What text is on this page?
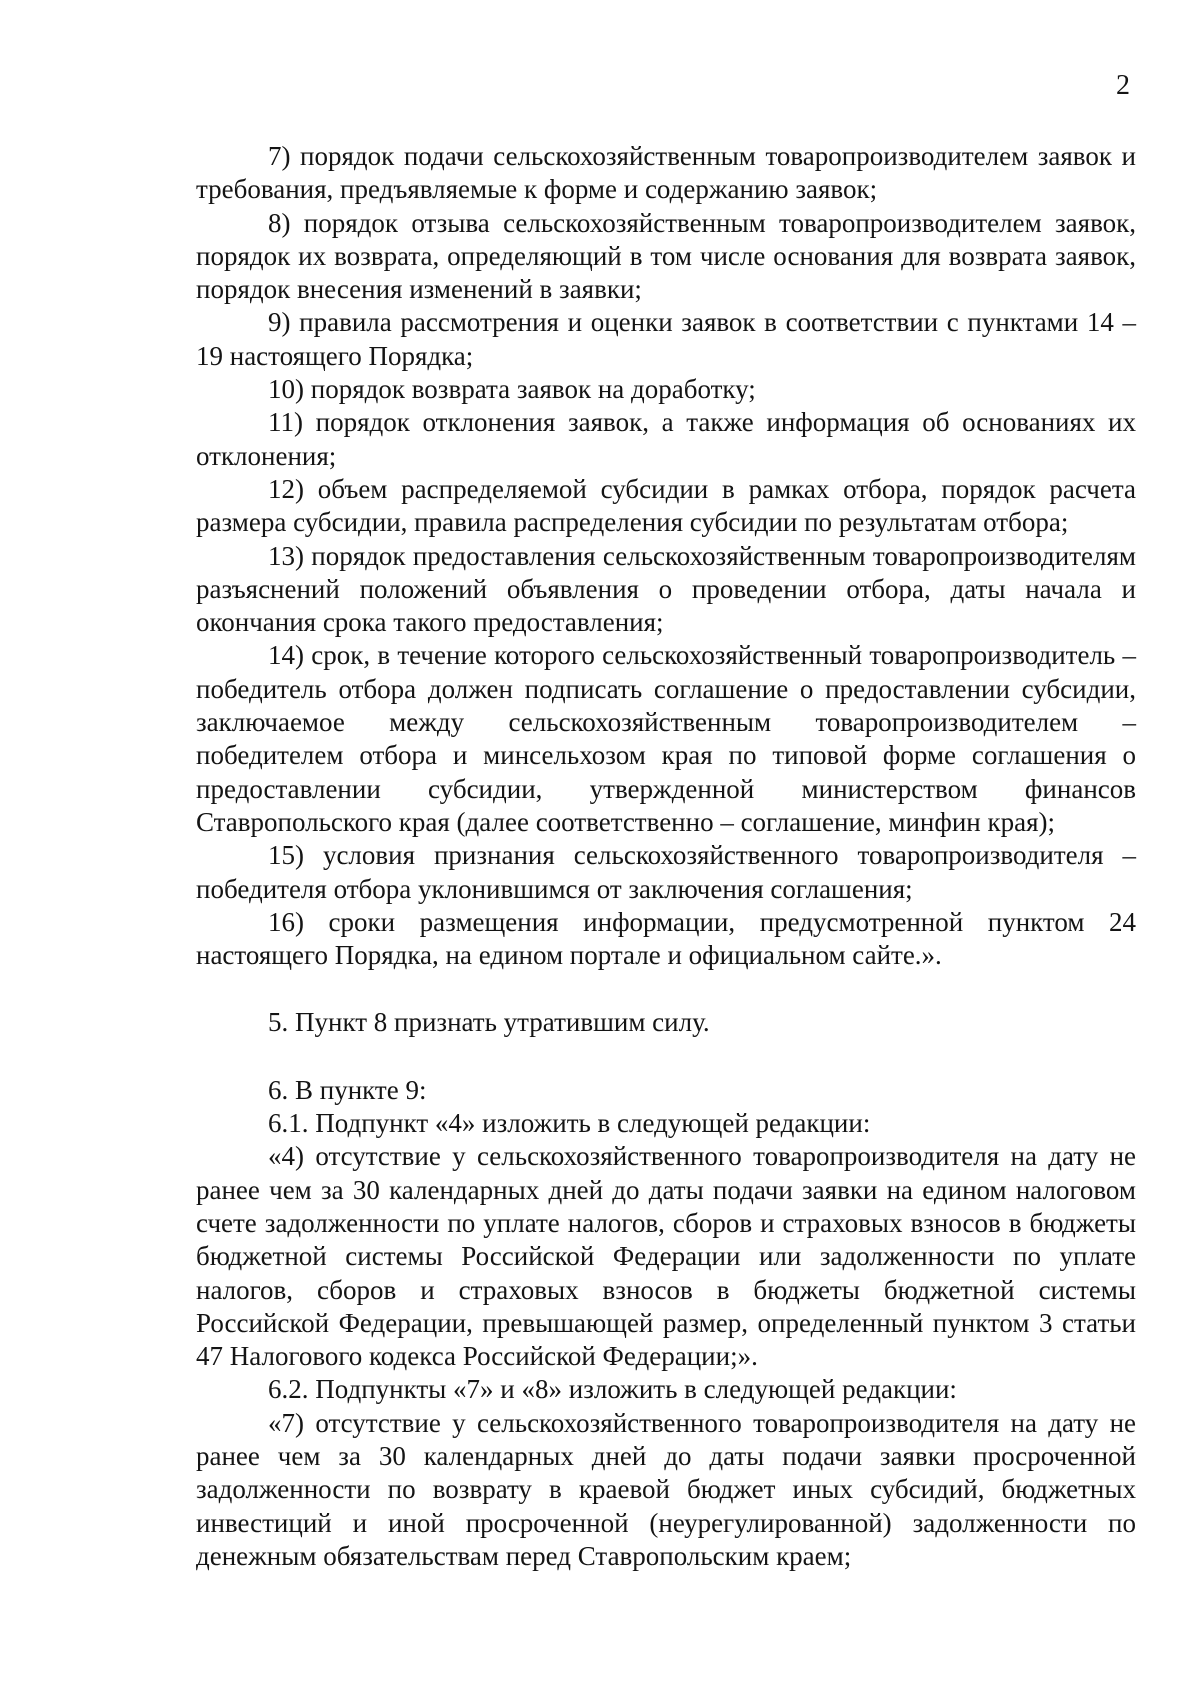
2

7) порядок подачи сельскохозяйственным товаропроизводителем заявок и требования, предъявляемые к форме и содержанию заявок;

8) порядок отзыва сельскохозяйственным товаропроизводителем заявок, порядок их возврата, определяющий в том числе основания для возврата заявок, порядок внесения изменений в заявки;

9) правила рассмотрения и оценки заявок в соответствии с пунктами 14 – 19 настоящего Порядка;

10) порядок возврата заявок на доработку;

11) порядок отклонения заявок, а также информация об основаниях их отклонения;

12) объем распределяемой субсидии в рамках отбора, порядок расчета размера субсидии, правила распределения субсидии по результатам отбора;

13) порядок предоставления сельскохозяйственным товаропроизводителям разъяснений положений объявления о проведении отбора, даты начала и окончания срока такого предоставления;

14) срок, в течение которого сельскохозяйственный товаропроизводитель – победитель отбора должен подписать соглашение о предоставлении субсидии, заключаемое между сельскохозяйственным товаропроизводителем – победителем отбора и минсельхозом края по типовой форме соглашения о предоставлении субсидии, утвержденной министерством финансов Ставропольского края (далее соответственно – соглашение, минфин края);

15) условия признания сельскохозяйственного товаропроизводителя – победителя отбора уклонившимся от заключения соглашения;

16) сроки размещения информации, предусмотренной пунктом 24 настоящего Порядка, на едином портале и официальном сайте.».

5. Пункт 8 признать утратившим силу.

6. В пункте 9:

6.1. Подпункт «4» изложить в следующей редакции:

«4) отсутствие у сельскохозяйственного товаропроизводителя на дату не ранее чем за 30 календарных дней до даты подачи заявки на едином налоговом счете задолженности по уплате налогов, сборов и страховых взносов в бюджеты бюджетной системы Российской Федерации или задолженности по уплате налогов, сборов и страховых взносов в бюджеты бюджетной системы Российской Федерации, превышающей размер, определенный пунктом 3 статьи 47 Налогового кодекса Российской Федерации;».

6.2. Подпункты «7» и «8» изложить в следующей редакции:

«7) отсутствие у сельскохозяйственного товаропроизводителя на дату не ранее чем за 30 календарных дней до даты подачи заявки просроченной задолженности по возврату в краевой бюджет иных субсидий, бюджетных инвестиций и иной просроченной (неурегулированной) задолженности по денежным обязательствам перед Ставропольским краем;
